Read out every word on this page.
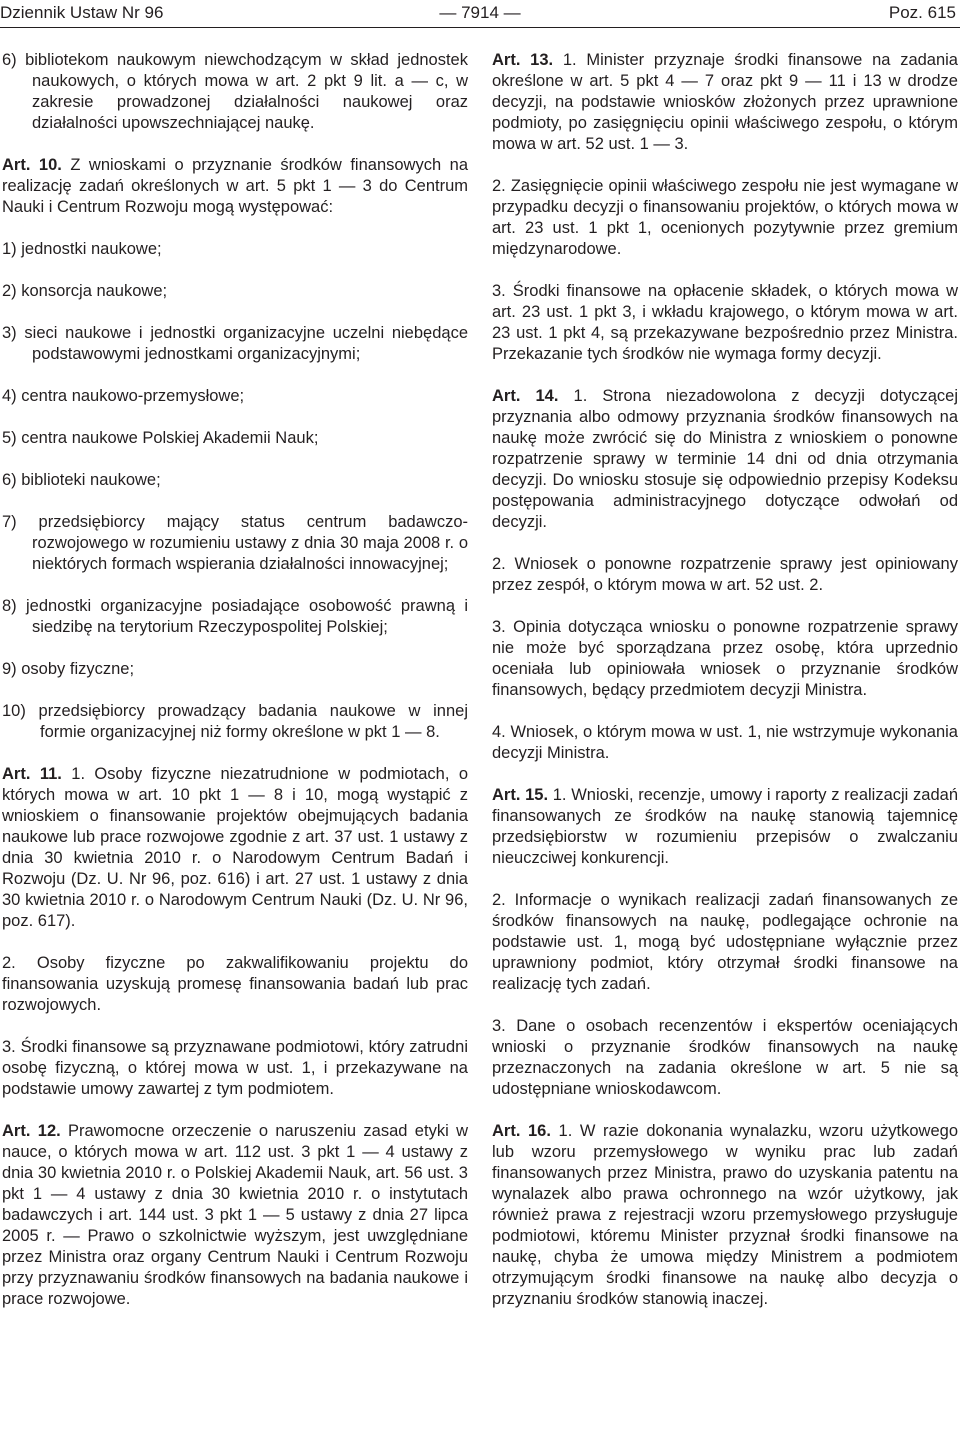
Dziennik Ustaw Nr 96	— 7914 —	Poz. 615

6) bibliotekom naukowym niewchodzącym w skład jednostek naukowych, o których mowa w art. 2 pkt 9 lit. a — c, w zakresie prowadzonej działalności naukowej oraz działalności upowszechniającej naukę.

Art. 10. Z wnioskami o przyznanie środków finansowych na realizację zadań określonych w art. 5 pkt 1 — 3 do Centrum Nauki i Centrum Rozwoju mogą występować:

1) jednostki naukowe;

2) konsorcja naukowe;

3) sieci naukowe i jednostki organizacyjne uczelni niebędące podstawowymi jednostkami organizacyjnymi;

4) centra naukowo-przemysłowe;

5) centra naukowe Polskiej Akademii Nauk;

6) biblioteki naukowe;

7) przedsiębiorcy mający status centrum badawczo-rozwojowego w rozumieniu ustawy z dnia 30 maja 2008 r. o niektórych formach wspierania działalności innowacyjnej;

8) jednostki organizacyjne posiadające osobowość prawną i siedzibę na terytorium Rzeczypospolitej Polskiej;

9) osoby fizyczne;

10) przedsiębiorcy prowadzący badania naukowe w innej formie organizacyjnej niż formy określone w pkt 1 — 8.

Art. 11. 1. Osoby fizyczne niezatrudnione w podmiotach, o których mowa w art. 10 pkt 1 — 8 i 10, mogą wystąpić z wnioskiem o finansowanie projektów obejmujących badania naukowe lub prace rozwojowe zgodnie z art. 37 ust. 1 ustawy z dnia 30 kwietnia 2010 r. o Narodowym Centrum Badań i Rozwoju (Dz. U. Nr 96, poz. 616) i art. 27 ust. 1 ustawy z dnia 30 kwietnia 2010 r. o Narodowym Centrum Nauki (Dz. U. Nr 96, poz. 617).

2. Osoby fizyczne po zakwalifikowaniu projektu do finansowania uzyskują promesę finansowania badań lub prac rozwojowych.

3. Środki finansowe są przyznawane podmiotowi, który zatrudni osobę fizyczną, o której mowa w ust. 1, i przekazywane na podstawie umowy zawartej z tym podmiotem.

Art. 12. Prawomocne orzeczenie o naruszeniu zasad etyki w nauce, o których mowa w art. 112 ust. 3 pkt 1 — 4 ustawy z dnia 30 kwietnia 2010 r. o Polskiej Akademii Nauk, art. 56 ust. 3 pkt 1 — 4 ustawy z dnia 30 kwietnia 2010 r. o instytutach badawczych i art. 144 ust. 3 pkt 1 — 5 ustawy z dnia 27 lipca 2005 r. — Prawo o szkolnictwie wyższym, jest uwzględniane przez Ministra oraz organy Centrum Nauki i Centrum Rozwoju przy przyznawaniu środków finansowych na badania naukowe i prace rozwojowe.

Art. 13. 1. Minister przyznaje środki finansowe na zadania określone w art. 5 pkt 4 — 7 oraz pkt 9 — 11 i 13 w drodze decyzji, na podstawie wniosków złożonych przez uprawnione podmioty, po zasięgnięciu opinii właściwego zespołu, o którym mowa w art. 52 ust. 1 — 3.

2. Zasięgnięcie opinii właściwego zespołu nie jest wymagane w przypadku decyzji o finansowaniu projektów, o których mowa w art. 23 ust. 1 pkt 1, ocenionych pozytywnie przez gremium międzynarodowe.

3. Środki finansowe na opłacenie składek, o których mowa w art. 23 ust. 1 pkt 3, i wkładu krajowego, o którym mowa w art. 23 ust. 1 pkt 4, są przekazywane bezpośrednio przez Ministra. Przekazanie tych środków nie wymaga formy decyzji.

Art. 14. 1. Strona niezadowolona z decyzji dotyczącej przyznania albo odmowy przyznania środków finansowych na naukę może zwrócić się do Ministra z wnioskiem o ponowne rozpatrzenie sprawy w terminie 14 dni od dnia otrzymania decyzji. Do wniosku stosuje się odpowiednio przepisy Kodeksu postępowania administracyjnego dotyczące odwołań od decyzji.

2. Wniosek o ponowne rozpatrzenie sprawy jest opiniowany przez zespół, o którym mowa w art. 52 ust. 2.

3. Opinia dotycząca wniosku o ponowne rozpatrzenie sprawy nie może być sporządzana przez osobę, która uprzednio oceniała lub opiniowała wniosek o przyznanie środków finansowych, będący przedmiotem decyzji Ministra.

4. Wniosek, o którym mowa w ust. 1, nie wstrzymuje wykonania decyzji Ministra.

Art. 15. 1. Wnioski, recenzje, umowy i raporty z realizacji zadań finansowanych ze środków na naukę stanowią tajemnicę przedsiębiorstw w rozumieniu przepisów o zwalczaniu nieuczciwej konkurencji.

2. Informacje o wynikach realizacji zadań finansowanych ze środków finansowych na naukę, podlegające ochronie na podstawie ust. 1, mogą być udostępniane wyłącznie przez uprawniony podmiot, który otrzymał środki finansowe na realizację tych zadań.

3. Dane o osobach recenzentów i ekspertów oceniających wnioski o przyznanie środków finansowych na naukę przeznaczonych na zadania określone w art. 5 nie są udostępniane wnioskodawcom.

Art. 16. 1. W razie dokonania wynalazku, wzoru użytkowego lub wzoru przemysłowego w wyniku prac lub zadań finansowanych przez Ministra, prawo do uzyskania patentu na wynalazek albo prawa ochronnego na wzór użytkowy, jak również prawa z rejestracji wzoru przemysłowego przysługuje podmiotowi, któremu Minister przyznał środki finansowe na naukę, chyba że umowa między Ministrem a podmiotem otrzymującym środki finansowe na naukę albo decyzja o przyznaniu środków stanowią inaczej.
